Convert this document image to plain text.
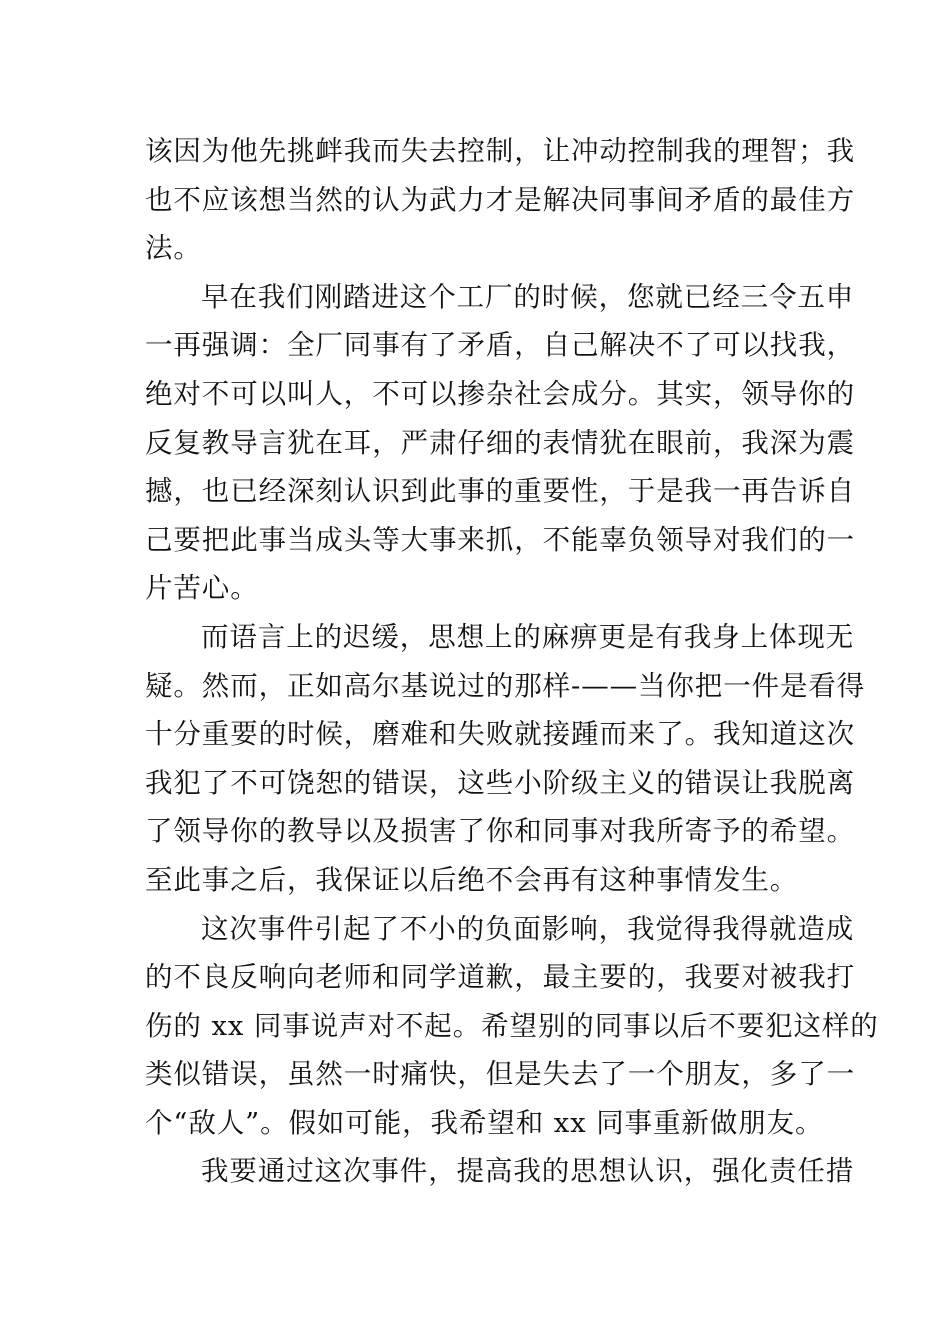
该因为他先挑衅我而失去控制，让冲动控制我的理智；我
也不应该想当然的认为武力才是解决同事间矛盾的最佳方
法。
早在我们刚踏进这个工厂的时候，您就已经三令五申
一再强调：全厂同事有了矛盾，自己解决不了可以找我，
绝对不可以叫人，不可以掺杂社会成分。其实，领导你的
反复教导言犹在耳，严肃仔细的表情犹在眼前，我深为震
撼，也已经深刻认识到此事的重要性，于是我一再告诉自
己要把此事当成头等大事来抓，不能辜负领导对我们的一
片苦心。
而语言上的迟缓，思想上的麻痹更是有我身上体现无
疑。然而，正如高尔基说过的那样-——当你把一件是看得
十分重要的时候，磨难和失败就接踵而来了。我知道这次
我犯了不可饶恕的错误，这些小阶级主义的错误让我脱离
了领导你的教导以及损害了你和同事对我所寄予的希望。
至此事之后，我保证以后绝不会再有这种事情发生。
这次事件引起了不小的负面影响，我觉得我得就造成
的不良反响向老师和同学道歉，最主要的，我要对被我打
伤的 xx 同事说声对不起。希望别的同事以后不要犯这样的
类似错误，虽然一时痛快，但是失去了一个朋友，多了一
个“敌人”。假如可能，我希望和 xx 同事重新做朋友。
我要通过这次事件，提高我的思想认识，强化责任措
